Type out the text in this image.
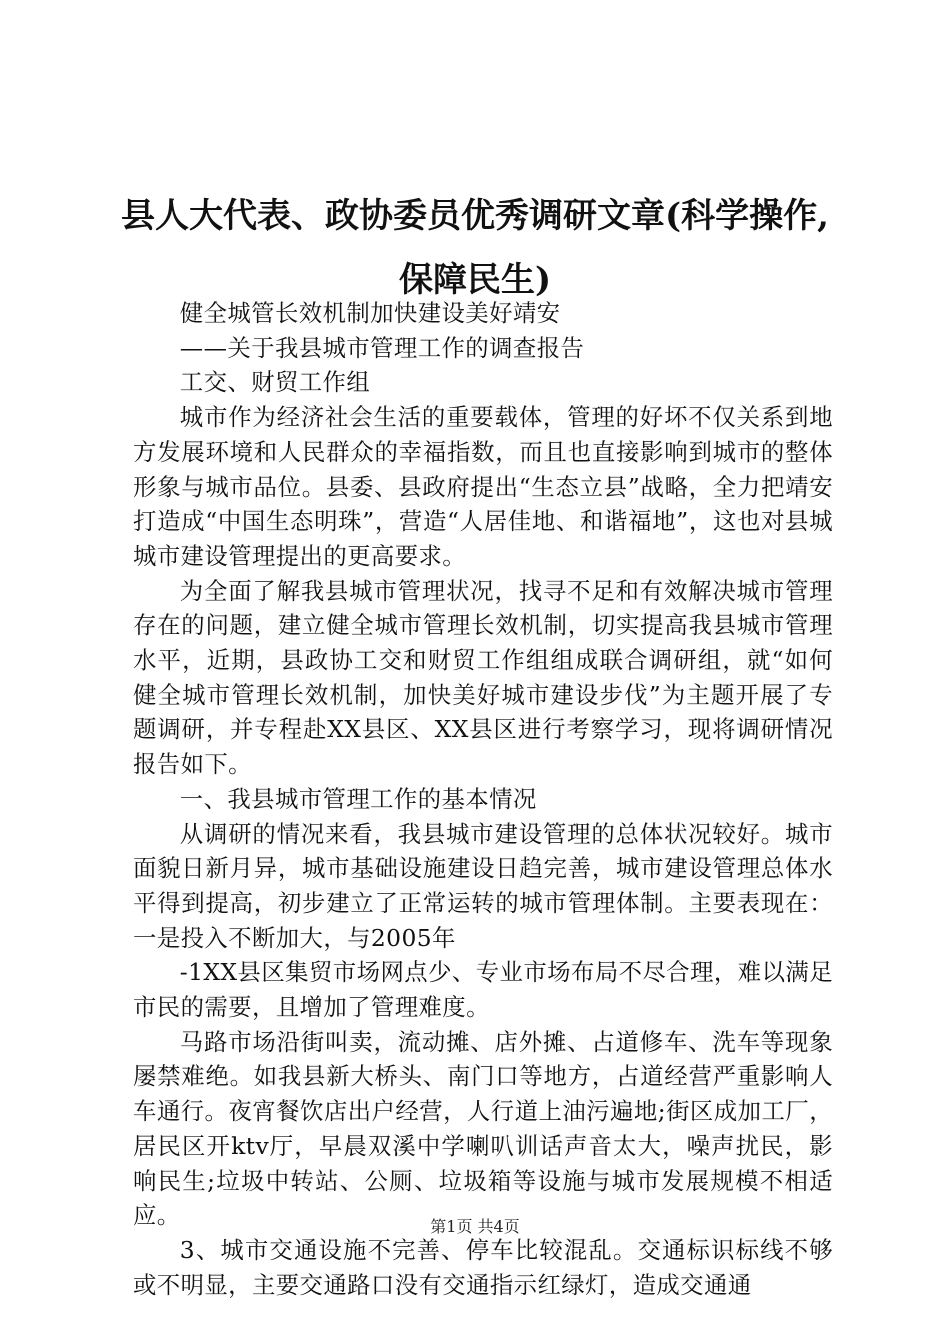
县人大代表、政协委员优秀调研文章(科学操作,保障民生)

健全城管长效机制加快建设美好靖安

——关于我县城市管理工作的调查报告

工交、财贸工作组

城市作为经济社会生活的重要载体，管理的好坏不仅关系到地方发展环境和人民群众的幸福指数，而且也直接影响到城市的整体形象与城市品位。县委、县政府提出“生态立县”战略，全力把靖安打造成“中国生态明珠”，营造“人居佳地、和谐福地”，这也对县城城市建设管理提出的更高要求。

为全面了解我县城市管理状况，找寻不足和有效解决城市管理存在的问题，建立健全城市管理长效机制，切实提高我县城市管理水平，近期，县政协工交和财贸工作组组成联合调研组，就“如何健全城市管理长效机制，加快美好城市建设步伐”为主题开展了专题调研，并专程赴XX县区、XX县区进行考察学习，现将调研情况报告如下。

一、我县城市管理工作的基本情况

从调研的情况来看，我县城市建设管理的总体状况较好。城市面貌日新月异，城市基础设施建设日趋完善，城市建设管理总体水平得到提高，初步建立了正常运转的城市管理体制。主要表现在：一是投入不断加大，与2005年

-1XX县区集贸市场网点少、专业市场布局不尽合理，难以满足市民的需要，且增加了管理难度。

马路市场沿街叫卖，流动摊、店外摊、占道修车、洗车等现象屡禁难绝。如我县新大桥头、南门口等地方，占道经营严重影响人车通行。夜宵餐饮店出户经营，人行道上油污遍地;街区成加工厂，居民区开ktv厅，早晨双溪中学喇叭训话声音太大，噪声扰民，影响民生;垃圾中转站、公厕、垃圾箱等设施与城市发展规模不相适应。

3、城市交通设施不完善、停车比较混乱。交通标识标线不够或不明显，主要交通路口没有交通指示红绿灯，造成交通通

第1页 共4页
